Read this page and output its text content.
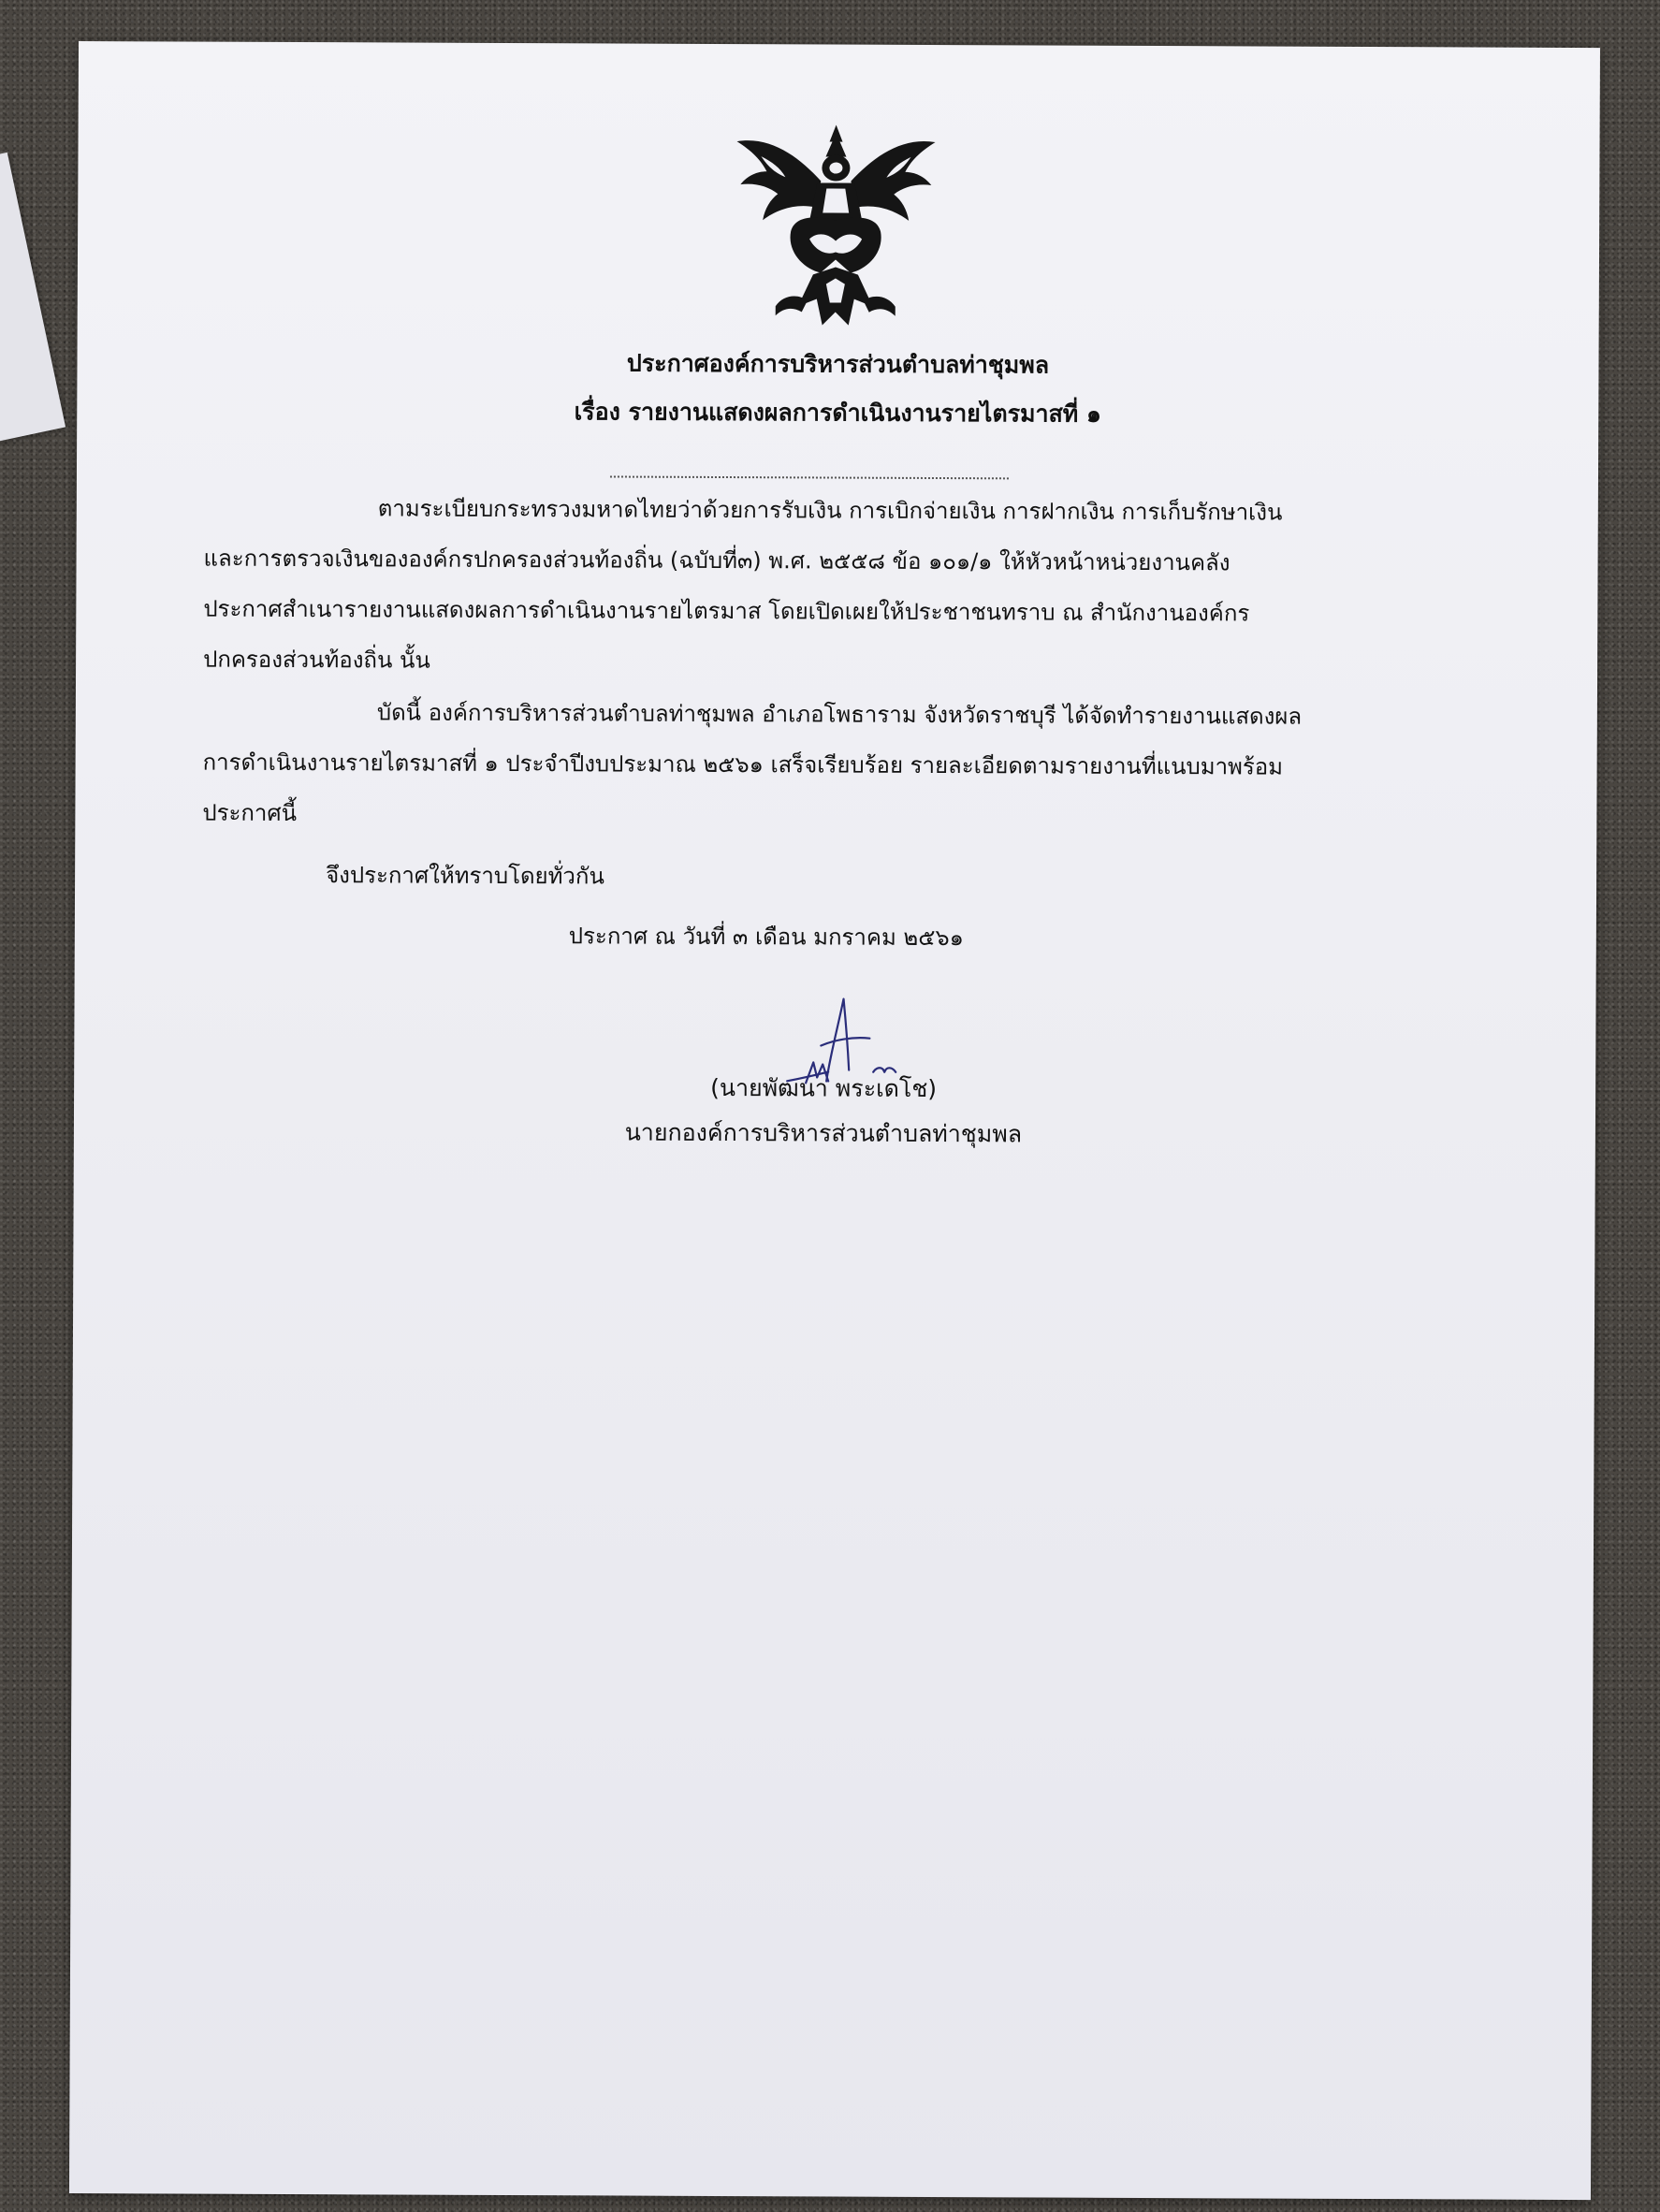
ประกาศองค์การบริหารส่วนตำบลท่าชุมพล
เรื่อง รายงานแสดงผลการดำเนินงานรายไตรมาสที่ ๑
ตามระเบียบกระทรวงมหาดไทยว่าด้วยการรับเงิน การเบิกจ่ายเงิน การฝากเงิน การเก็บรักษาเงิน
และการตรวจเงินขององค์กรปกครองส่วนท้องถิ่น (ฉบับที่๓) พ.ศ. ๒๕๕๘ ข้อ ๑๐๑/๑ ให้หัวหน้าหน่วยงานคลัง
ประกาศสำเนารายงานแสดงผลการดำเนินงานรายไตรมาส โดยเปิดเผยให้ประชาชนทราบ ณ สำนักงานองค์กร
ปกครองส่วนท้องถิ่น นั้น
บัดนี้ องค์การบริหารส่วนตำบลท่าชุมพล อำเภอโพธาราม จังหวัดราชบุรี ได้จัดทำรายงานแสดงผล
การดำเนินงานรายไตรมาสที่ ๑ ประจำปีงบประมาณ ๒๕๖๑ เสร็จเรียบร้อย รายละเอียดตามรายงานที่แนบมาพร้อม
ประกาศนี้
จึงประกาศให้ทราบโดยทั่วกัน
ประกาศ ณ วันที่ ๓ เดือน มกราคม ๒๕๖๑
(นายพัฒนา พระเดโช)
นายกองค์การบริหารส่วนตำบลท่าชุมพล
